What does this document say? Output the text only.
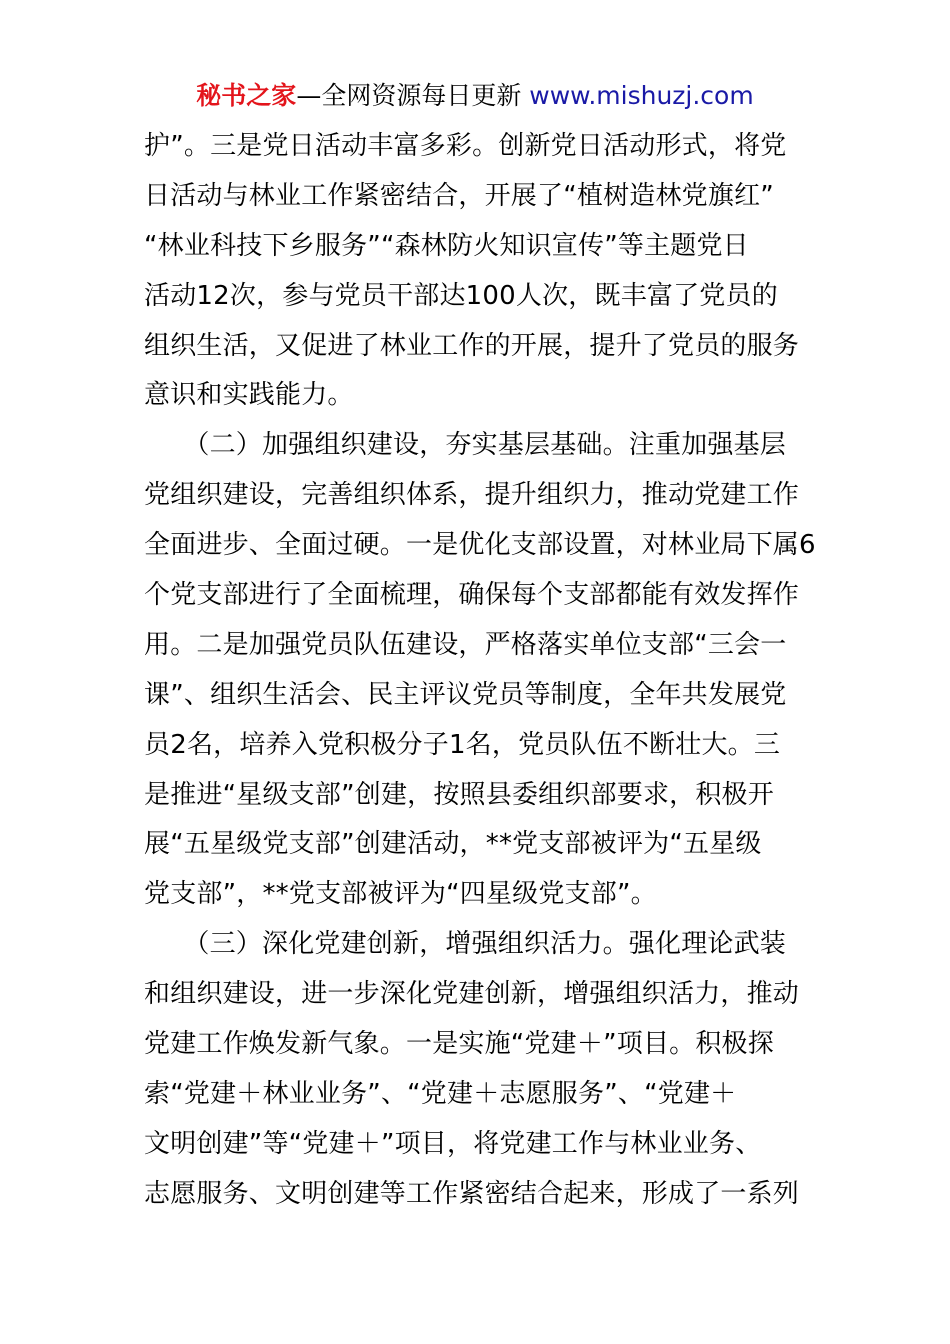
秘书之家—全网资源每日更新 www.mishuzj.com
护”。三是党日活动丰富多彩。创新党日活动形式，将党
日活动与林业工作紧密结合，开展了“植树造林党旗红”
“林业科技下乡服务”“森林防火知识宣传”等主题党日
活动12次，参与党员干部达100人次，既丰富了党员的
组织生活，又促进了林业工作的开展，提升了党员的服务
意识和实践能力。
　　（二）加强组织建设，夯实基层基础。注重加强基层
党组织建设，完善组织体系，提升组织力，推动党建工作
全面进步、全面过硬。一是优化支部设置，对林业局下属6
个党支部进行了全面梳理，确保每个支部都能有效发挥作
用。二是加强党员队伍建设，严格落实单位支部“三会一
课”、组织生活会、民主评议党员等制度，全年共发展党
员2名，培养入党积极分子1名，党员队伍不断壮大。三
是推进“星级支部”创建，按照县委组织部要求，积极开
展“五星级党支部”创建活动，**党支部被评为“五星级
党支部”，**党支部被评为“四星级党支部”。
　　（三）深化党建创新，增强组织活力。强化理论武装
和组织建设，进一步深化党建创新，增强组织活力，推动
党建工作焕发新气象。一是实施“党建＋”项目。积极探
索“党建＋林业业务”、“党建＋志愿服务”、“党建＋
文明创建”等“党建＋”项目，将党建工作与林业业务、
志愿服务、文明创建等工作紧密结合起来，形成了一系列
